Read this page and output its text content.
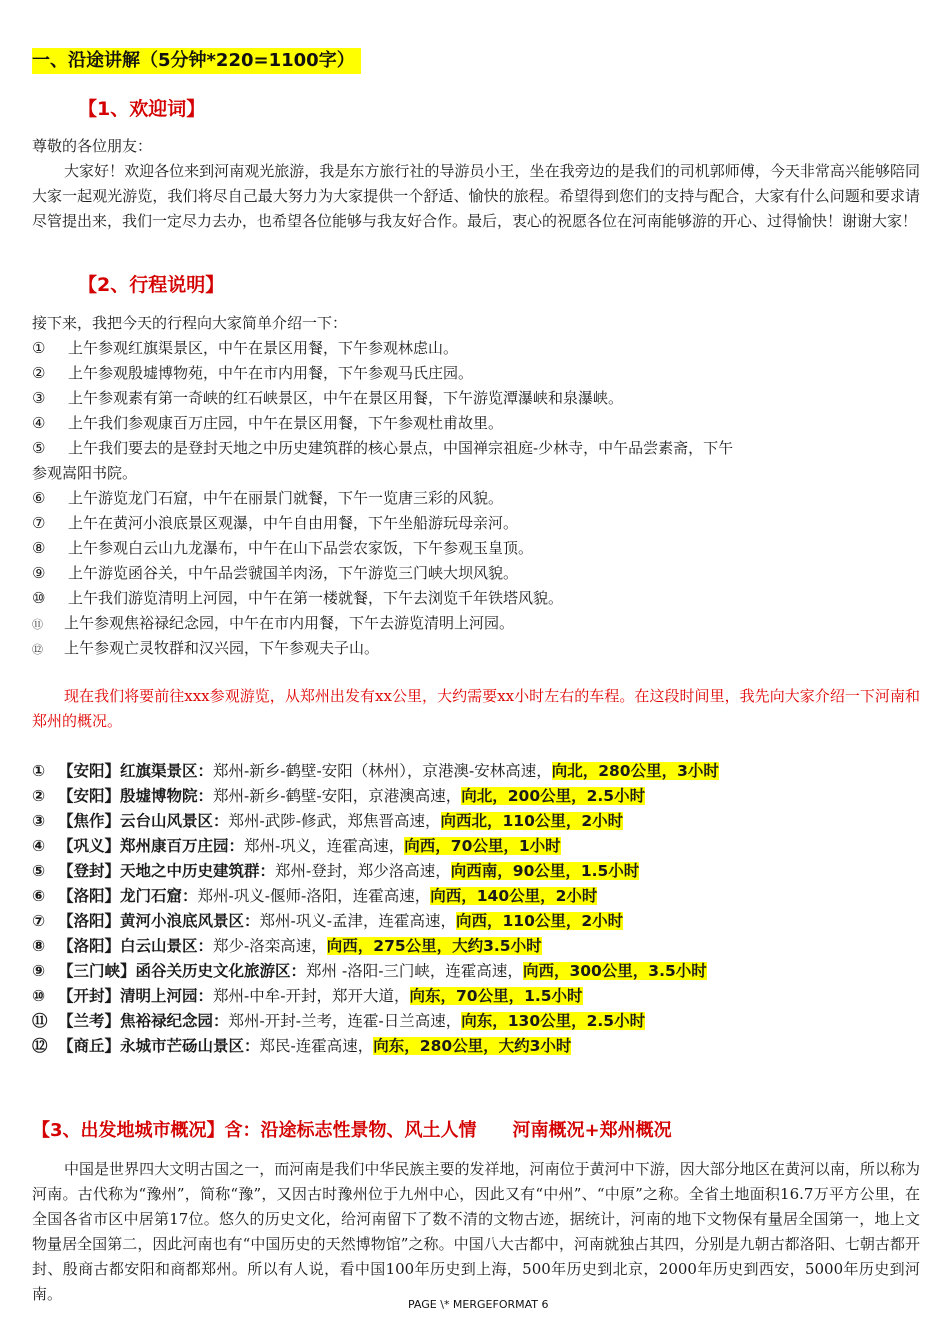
一、沿途讲解（5分钟*220=1100字）
【1、欢迎词】

尊敬的各位朋友：

大家好！欢迎各位来到河南观光旅游，我是东方旅行社的导游员小王，坐在我旁边的是我们的司机郭师傅，今天非常高兴能够陪同大家一起观光游览，我们将尽自己最大努力为大家提供一个舒适、愉快的旅程。希望得到您们的支持与配合，大家有什么问题和要求请尽管提出来，我们一定尽力去办，也希望各位能够与我友好合作。最后，衷心的祝愿各位在河南能够游的开心、过得愉快！谢谢大家！

【2、行程说明】
接下来，我把今天的行程向大家简单介绍一下：
① 上午参观红旗渠景区，中午在景区用餐，下午参观林虑山。
② 上午参观殷墟博物苑，中午在市内用餐，下午参观马氏庄园。
③ 上午参观素有第一奇峡的红石峡景区，中午在景区用餐，下午游览潭瀑峡和泉瀑峡。
④ 上午我们参观康百万庄园，中午在景区用餐，下午参观杜甫故里。
⑤ 上午我们要去的是登封天地之中历史建筑群的核心景点，中国禅宗祖庭-少林寺，中午品尝素斋，下午
参观嵩阳书院。
⑥ 上午游览龙门石窟，中午在丽景门就餐，下午一览唐三彩的风貌。
⑦ 上午在黄河小浪底景区观瀑，中午自由用餐，下午坐船游玩母亲河。
⑧ 上午参观白云山九龙瀑布，中午在山下品尝农家饭，下午参观玉皇顶。
⑨ 上午游览函谷关，中午品尝虢国羊肉汤，下午游览三门峡大坝风貌。
⑩ 上午我们游览清明上河园，中午在第一楼就餐，下午去浏览千年铁塔风貌。
⑪ 上午参观焦裕禄纪念园，中午在市内用餐，下午去游览清明上河园。
⑫ 上午参观亡灵牧群和汉兴园，下午参观夫子山。

现在我们将要前往xxx参观游览，从郑州出发有xx公里，大约需要xx小时左右的车程。在这段时间里，我先向大家介绍一下河南和郑州的概况。

① 【安阳】红旗渠景区：郑州-新乡-鹤壁-安阳（林州），京港澳-安林高速，向北，280公里，3小时
② 【安阳】殷墟博物院：郑州-新乡-鹤壁-安阳，京港澳高速，向北，200公里，2.5小时
③ 【焦作】云台山风景区：郑州-武陟-修武，郑焦晋高速，向西北，110公里，2小时
④ 【巩义】郑州康百万庄园：郑州-巩义，连霍高速，向西，70公里，1小时
⑤ 【登封】天地之中历史建筑群：郑州-登封，郑少洛高速，向西南，90公里，1.5小时
⑥ 【洛阳】龙门石窟：郑州-巩义-偃师-洛阳，连霍高速，向西，140公里，2小时
⑦ 【洛阳】黄河小浪底风景区：郑州-巩义-孟津，连霍高速，向西，110公里，2小时
⑧ 【洛阳】白云山景区：郑少-洛栾高速，向西，275公里，大约3.5小时
⑨ 【三门峡】函谷关历史文化旅游区：郑州 -洛阳-三门峡，连霍高速，向西，300公里，3.5小时
⑩ 【开封】清明上河园：郑州-中牟-开封，郑开大道，向东，70公里，1.5小时
⑪ 【兰考】焦裕禄纪念园：郑州-开封-兰考，连霍-日兰高速，向东，130公里，2.5小时
⑫ 【商丘】永城市芒砀山景区：郑民-连霍高速，向东，280公里，大约3小时
【3、出发地城市概况】含：沿途标志性景物、风土人情 河南概况+郑州概况

中国是世界四大文明古国之一，而河南是我们中华民族主要的发祥地，河南位于黄河中下游，因大部分地区在黄河以南，所以称为河南。古代称为“豫州”，简称“豫”，又因古时豫州位于九州中心，因此又有“中州”、“中原”之称。全省土地面积16.7万平方公里，在全国各省市区中居第17位。悠久的历史文化，给河南留下了数不清的文物古迹，据统计，河南的地下文物保有量居全国第一，地上文物量居全国第二，因此河南也有“中国历史的天然博物馆”之称。中国八大古都中，河南就独占其四，分别是九朝古都洛阳、七朝古都开封、殷商古都安阳和商都郑州。所以有人说，看中国100年历史到上海，500年历史到北京，2000年历史到西安，5000年历史到河南。

PAGE \* MERGEFORMAT 6
